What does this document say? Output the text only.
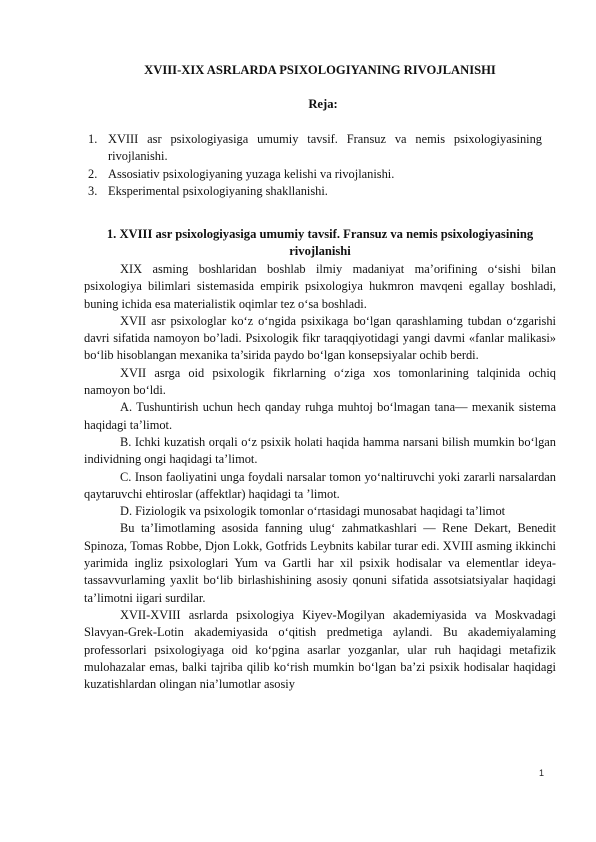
XVIII-XIX ASRLARDA PSIXOLOGIYANING RIVOJLANISHI
Reja:
1. XVIII asr psixologiyasiga umumiy tavsif. Fransuz va nemis psixologiyasining rivojlanishi.
2. Assosiativ psixologiyaning yuzaga kelishi va rivojlanishi.
3. Eksperimental psixologiyaning shakllanishi.
1. XVIII asr psixologiyasiga umumiy tavsif. Fransuz va nemis psixologiyasining rivojlanishi

XIX asming boshlaridan boshlab ilmiy madaniyat ma’orifining o‘sishi bilan psixologiya bilimlari sistemasida empirik psixologiya hukmron mavqeni egallay boshladi, buning ichida esa materialistik oqimlar tez o‘sa boshladi.

XVII asr psixologlar ko‘z o‘ngida psixikaga bo‘lgan qarashlaming tubdan o‘zgarishi davri sifatida namoyon bo’ladi. Psixologik fikr taraqqiyotidagi yangi davmi «fanlar malikasi» bo‘lib hisoblangan mexanika ta’sirida paydo bo‘lgan konsepsiyalar ochib berdi.

XVII asrga oid psixologik fikrlarning o‘ziga xos tomonlarining talqinida ochiq namoyon bo‘ldi.

A. Tushuntirish uchun hech qanday ruhga muhtoj bo‘lmagan tana— mexanik sistema haqidagi ta’limot.

B. Ichki kuzatish orqali o‘z psixik holati haqida hamma narsani bilish mumkin bo‘lgan individning ongi haqidagi ta’limot.

C. Inson faoliyatini unga foydali narsalar tomon yo‘naltiruvchi yoki zararli narsalardan qaytaruvchi ehtiroslar (affektlar) haqidagi ta ’limot.

D. Fiziologik va psixologik tomonlar o‘rtasidagi munosabat haqidagi ta’limot

Bu ta’Iimotlaming asosida fanning ulug‘ zahmatkashlari — Rene Dekart, Benedit Spinoza, Tomas Robbe, Djon Lokk, Gotfrids Leybnits kabilar turar edi. XVIII asming ikkinchi yarimida ingliz psixologlari Yum va Gartli har xil psixik hodisalar va elementlar ideya-tassavvurlaming yaxlit bo‘lib birlashishining asosiy qonuni sifatida assotsiatsiyalar haqidagi ta’limotni iigari surdilar.

XVII-XVIII asrlarda psixologiya Kiyev-Mogilyan akademiyasida va Moskvadagi Slavyan-Grek-Lotin akademiyasida o‘qitish predmetiga aylandi. Bu akademiyalaming professorlari psixologiyaga oid ko‘pgina asarlar yozganlar, ular ruh haqidagi metafizik mulohazalar emas, balki tajriba qilib ko‘rish mumkin bo‘lgan ba’zi psixik hodisalar haqidagi kuzatishlardan olingan nia’lumotlar asosiy

1
